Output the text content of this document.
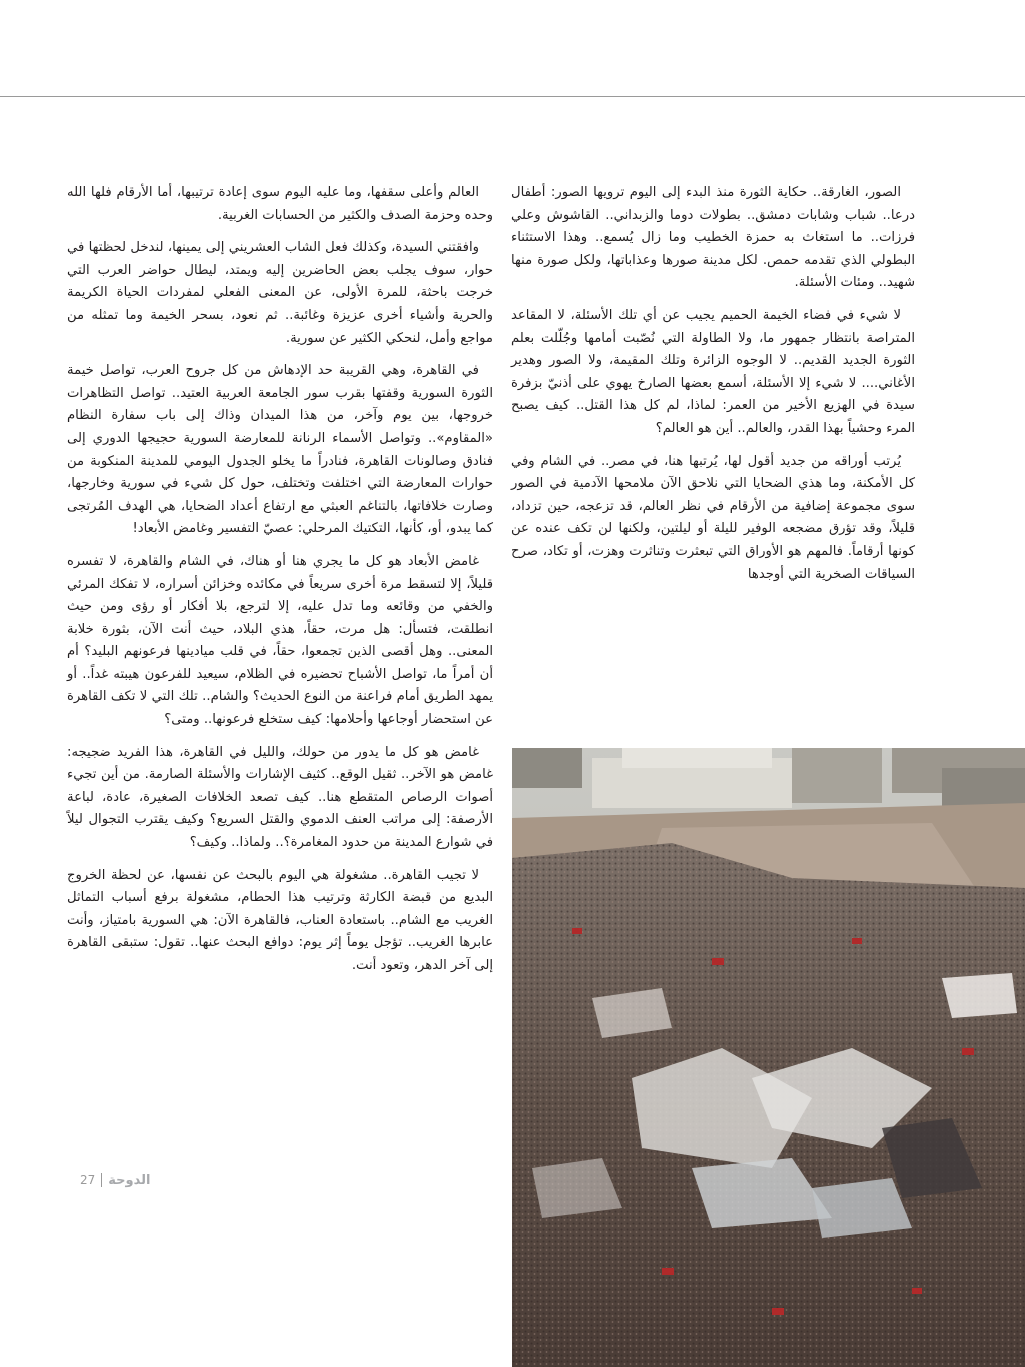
الصور، الغارقة.. حكاية الثورة منذ البدء إلى اليوم ترويها الصور: أطفال درعا.. شباب وشابات دمشق.. بطولات دوما والزبداني.. القاشوش وعلي فرزات.. ما استغاث به حمزة الخطيب وما زال يُسمع.. وهذا الاستثناء البطولي الذي تقدمه حمص. لكل مدينة صورها وعذاباتها، ولكل صورة منها شهيد.. ومئات الأسئلة.

لا شيء في فضاء الخيمة الحميم يجيب عن أي تلك الأسئلة، لا المقاعد المتراصة بانتظار جمهور ما، ولا الطاولة التي نُصّبت أمامها وجُلّلت بعلم الثورة الجديد القديم.. لا الوجوه الزائرة وتلك المقيمة، ولا الصور وهدير الأغاني.... لا شيء إلا الأسئلة، أسمع بعضها الصارخ يهوي على أذنيّ بزفرة سيدة في الهزيع الأخير من العمر: لماذا، لم كل هذا القتل.. كيف يصبح المرء وحشياً بهذا القدر، والعالم.. أين هو العالم؟

يُرتب أوراقه من جديد أقول لها، يُرتبها هنا، في مصر.. في الشام وفي كل الأمكنة، وما هذي الضحايا التي نلاحق الآن ملامحها الآدمية في الصور سوى مجموعة إضافية من الأرقام في نظر العالم، قد تزعجه، حين تزداد، قليلاً، وقد تؤرق مضجعه الوفير لليلة أو ليلتين، ولكنها لن تكف عنده عن كونها أرقاماً. فالمهم هو الأوراق التي تبعثرت وتناثرت وهزت، أو تكاد، صرح السياقات الصخرية التي أوجدها

العالم وأعلى سقفها، وما عليه اليوم سوى إعادة ترتيبها، أما الأرقام فلها الله وحده وحزمة الصدف والكثير من الحسابات الغربية.

وافقتني السيدة، وكذلك فعل الشاب العشريني إلى يمينها، لندخل لحظتها في حوار، سوف يجلب بعض الحاضرين إليه ويمتد، ليطال حواضر العرب التي خرجت باحثة، للمرة الأولى، عن المعنى الفعلي لمفردات الحياة الكريمة والحرية وأشياء أخرى عزيزة وغائبة.. ثم نعود، بسحر الخيمة وما تمثله من مواجع وأمل، لنحكي الكثير عن سورية.

في القاهرة، وهي القريبة حد الإدهاش من كل جروح العرب، تواصل خيمة الثورة السورية وقفتها بقرب سور الجامعة العربية العتيد.. تواصل التظاهرات خروجها، بين يوم وآخر، من هذا الميدان وذاك إلى باب سفارة النظام «المقاوم».. وتواصل الأسماء الرنانة للمعارضة السورية حجيجها الدوري إلى فنادق وصالونات القاهرة، فنادراً ما يخلو الجدول اليومي للمدينة المنكوبة من حوارات المعارضة التي اختلفت وتختلف، حول كل شيء في سورية وخارجها، وصارت خلافاتها، بالتناغم العبثي مع ارتفاع أعداد الضحايا، هي الهدف المُرتجى كما يبدو، أو، كأنها، التكتيك المرحلي: عصيّ التفسير وغامض الأبعاد!

غامض الأبعاد هو كل ما يجري هنا أو هناك، في الشام والقاهرة، لا تفسره قليلاً، إلا لتسقط مرة أخرى سريعاً في مكائده وخزائن أسراره، لا تفكك المرئي والخفي من وقائعه وما تدل عليه، إلا لترجع، بلا أفكار أو رؤى ومن حيث انطلقت، فتسأل: هل مرت، حقاً، هذي البلاد، حيث أنت الآن، بثورة خلابة المعنى.. وهل أقصى الذين تجمعوا، حقاً، في قلب ميادينها فرعونهم البليد؟ أم أن أمراً ما، تواصل الأشباح تحضيره في الظلام، سيعيد للفرعون هيبته غداً.. أو يمهد الطريق أمام فراعنة من النوع الحديث؟ والشام.. تلك التي لا تكف القاهرة عن استحضار أوجاعها وأحلامها: كيف ستخلع فرعونها.. ومتى؟

غامض هو كل ما يدور من حولك، والليل في القاهرة، هذا الفريد ضجيجه: غامض هو الآخر.. ثقيل الوقع.. كثيف الإشارات والأسئلة الصارمة. من أين تجيء أصوات الرصاص المتقطع هنا.. كيف تصعد الخلافات الصغيرة، عادة، لباعة الأرصفة: إلى مراتب العنف الدموي والقتل السريع؟ وكيف يقترب التجوال ليلاً في شوارع المدينة من حدود المغامرة؟.. ولماذا.. وكيف؟

لا تجيب القاهرة.. مشغولة هي اليوم بالبحث عن نفسها، عن لحظة الخروج البديع من قبضة الكارثة وترتيب هذا الحطام، مشغولة برفع أسباب التماثل الغريب مع الشام.. باستعادة العناب، فالقاهرة الآن: هي السورية بامتياز، وأنت عابرها الغريب.. تؤجل يوماً إثر يوم: دوافع البحث عنها.. تقول: ستبقى القاهرة إلى آخر الدهر، وتعود أنت.

27 الدوحة
